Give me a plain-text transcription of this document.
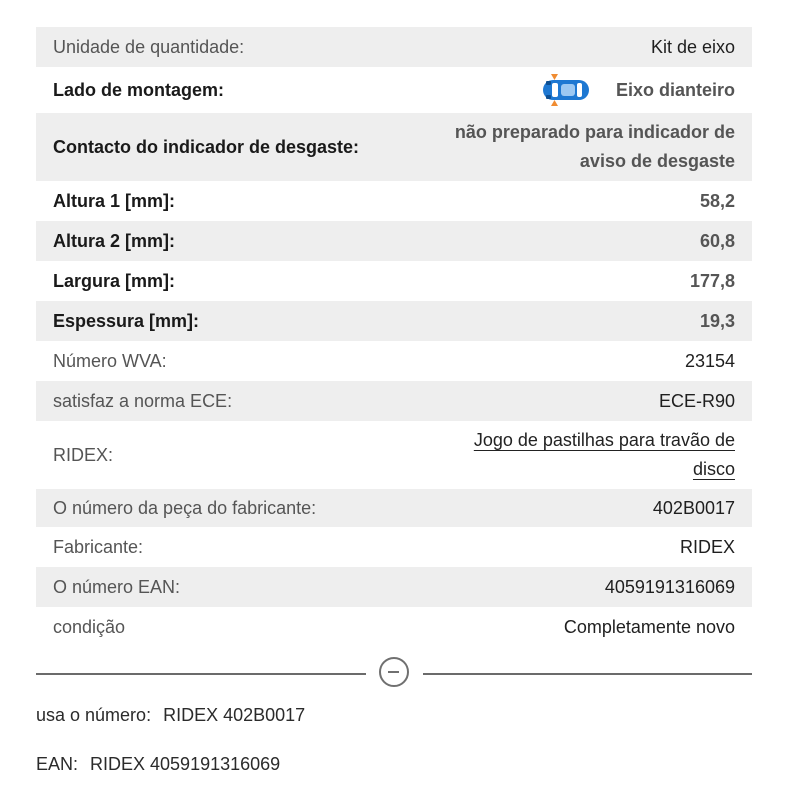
Unidade de quantidade:	Kit de eixo
Lado de montagem:	Eixo dianteiro
Contacto do indicador de desgaste:
não preparado para indicador de
aviso de desgaste
Altura 1 [mm]:	58,2
Altura 2 [mm]:	60,8
Largura [mm]:	177,8
Espessura [mm]:	19,3
Número WVA:	23154
satisfaz a norma ECE:	ECE-R90
RIDEX:
Jogo de pastilhas para travão de
disco
O número da peça do fabricante:	402B0017
Fabricante:	RIDEX
O número EAN:	4059191316069
condição	Completamente novo
usa o número: RIDEX 402B0017
EAN: RIDEX 4059191316069
